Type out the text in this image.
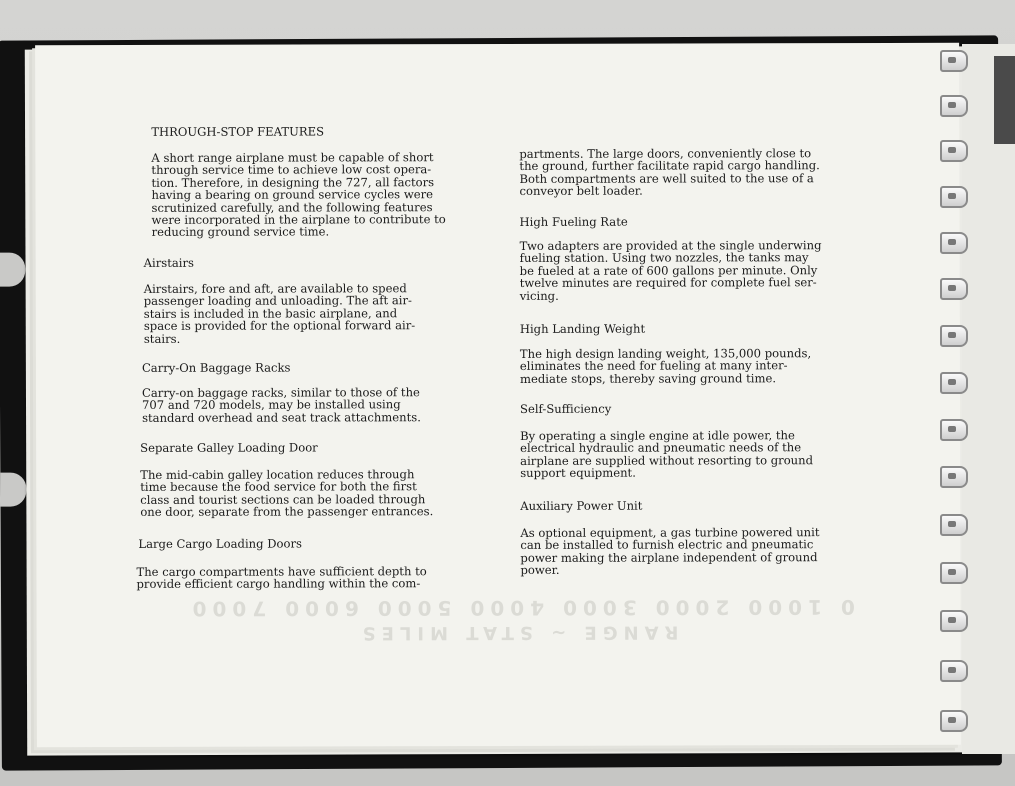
0 1000 2000 3000 4000 5000 6000 7000
RANGE ~ STAT MILES
THROUGH-STOP FEATURES
A short range airplane must be capable of short
through service time to achieve low cost opera-
tion. Therefore, in designing the 727, all factors
having a bearing on ground service cycles were
scrutinized carefully, and the following features
were incorporated in the airplane to contribute to
reducing ground service time.
Airstairs
Airstairs, fore and aft, are available to speed
passenger loading and unloading. The aft air-
stairs is included in the basic airplane, and
space is provided for the optional forward air-
stairs.
Carry-On Baggage Racks
Carry-on baggage racks, similar to those of the
707 and 720 models, may be installed using
standard overhead and seat track attachments.
Separate Galley Loading Door
The mid-cabin galley location reduces through
time because the food service for both the first
class and tourist sections can be loaded through
one door, separate from the passenger entrances.
Large Cargo Loading Doors
The cargo compartments have sufficient depth to
provide efficient cargo handling within the com-
partments. The large doors, conveniently close to
the ground, further facilitate rapid cargo handling.
Both compartments are well suited to the use of a
conveyor belt loader.
High Fueling Rate
Two adapters are provided at the single underwing
fueling station. Using two nozzles, the tanks may
be fueled at a rate of 600 gallons per minute. Only
twelve minutes are required for complete fuel ser-
vicing.
High Landing Weight
The high design landing weight, 135,000 pounds,
eliminates the need for fueling at many inter-
mediate stops, thereby saving ground time.
Self-Sufficiency
By operating a single engine at idle power, the
electrical hydraulic and pneumatic needs of the
airplane are supplied without resorting to ground
support equipment.
Auxiliary Power Unit
As optional equipment, a gas turbine powered unit
can be installed to furnish electric and pneumatic
power making the airplane independent of ground
power.
